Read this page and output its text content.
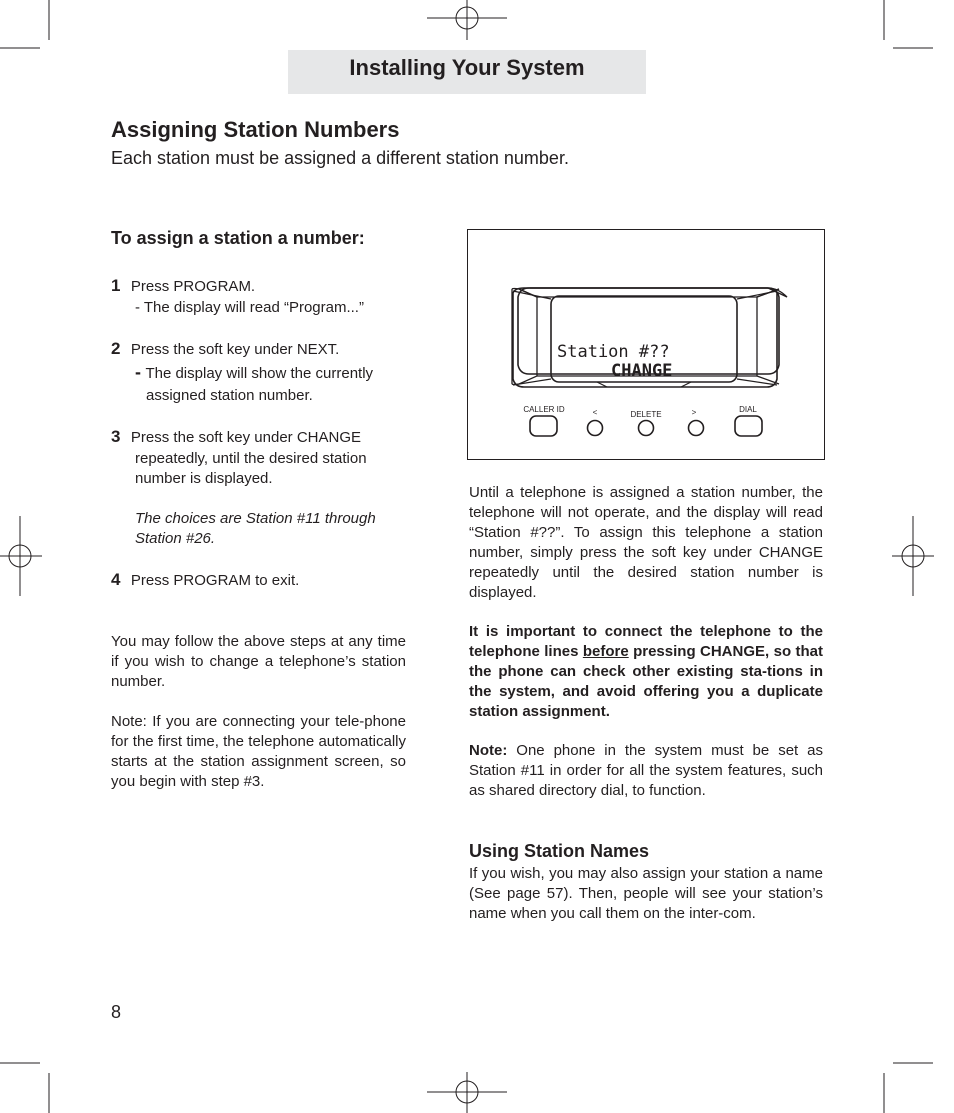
Installing Your System
Assigning Station Numbers
Each station must be assigned a different station number.
To assign a station a number:
1 Press PROGRAM.
- The display will read “Program...”
2 Press the soft key under NEXT.
- The display will show the currently
assigned station number.
3 Press the soft key under CHANGE
repeatedly, until the desired station
number is displayed.
The choices are Station #11 through
Station #26.
4 Press PROGRAM to exit.
You may follow the above steps at any time if you wish to change a telephone’s station number.
Note: If you are connecting your tele-phone for the first time, the telephone automatically starts at the station assignment screen, so you begin with step #3.
Station #??
CHANGE
CALLER ID	<	DELETE	>	DIAL
Until a telephone is assigned a station number, the telephone will not operate, and the display will read “Station #??”. To assign this telephone a station number, simply press the soft key under CHANGE repeatedly until the desired station number is displayed.
It is important to connect the telephone to the telephone lines before pressing CHANGE, so that the phone can check other existing sta-tions in the system, and avoid offering you a duplicate station assignment.
Note: One phone in the system must be set as Station #11 in order for all the system features, such as shared directory dial, to function.
Using Station Names
If you wish, you may also assign your station a name (See page 57). Then, people will see your station’s name when you call them on the inter-com.
8
